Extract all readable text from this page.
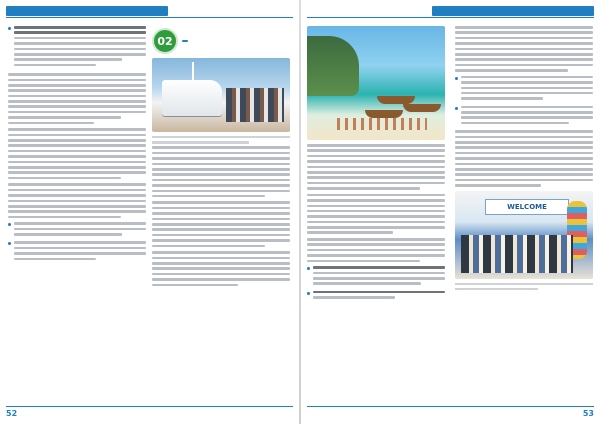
02
52
WELCOME
53
